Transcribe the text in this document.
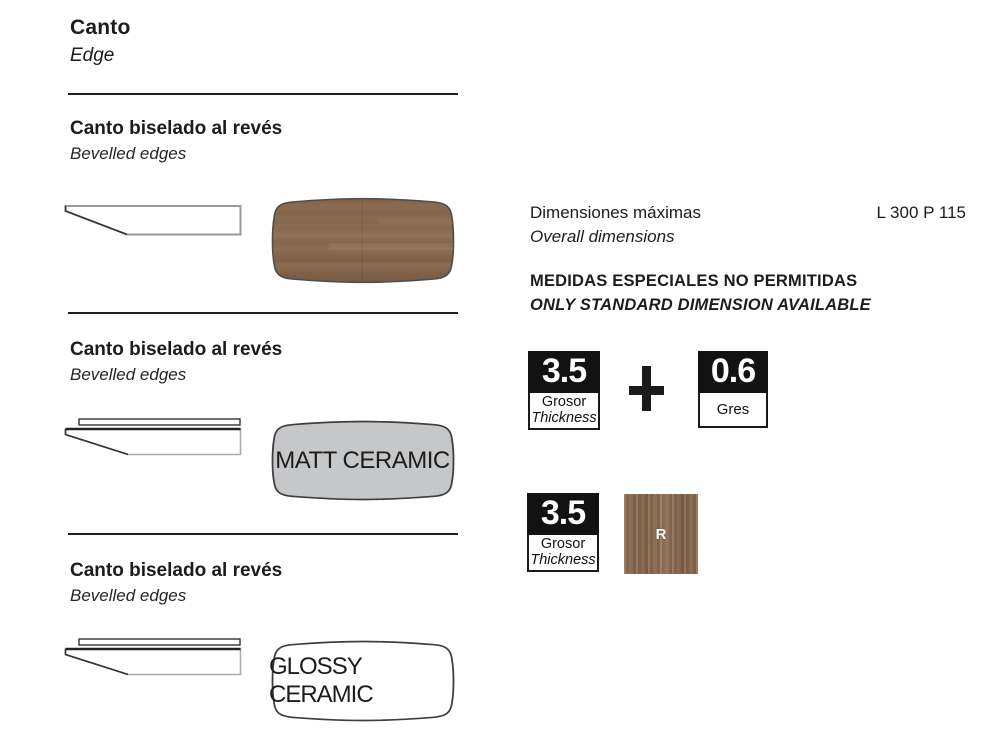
Canto
Edge
Canto biselado al revés
Bevelled edges
Canto biselado al revés
Bevelled edges
MATT CERAMIC
Canto biselado al revés
Bevelled edges
GLOSSY CERAMIC
Dimensiones máximas
Overall dimensions
L 300 P 115
MEDIDAS ESPECIALES NO PERMITIDAS
ONLY STANDARD DIMENSION AVAILABLE
3.5
Grosor
Thickness
0.6
Gres
3.5
Grosor
Thickness
R
